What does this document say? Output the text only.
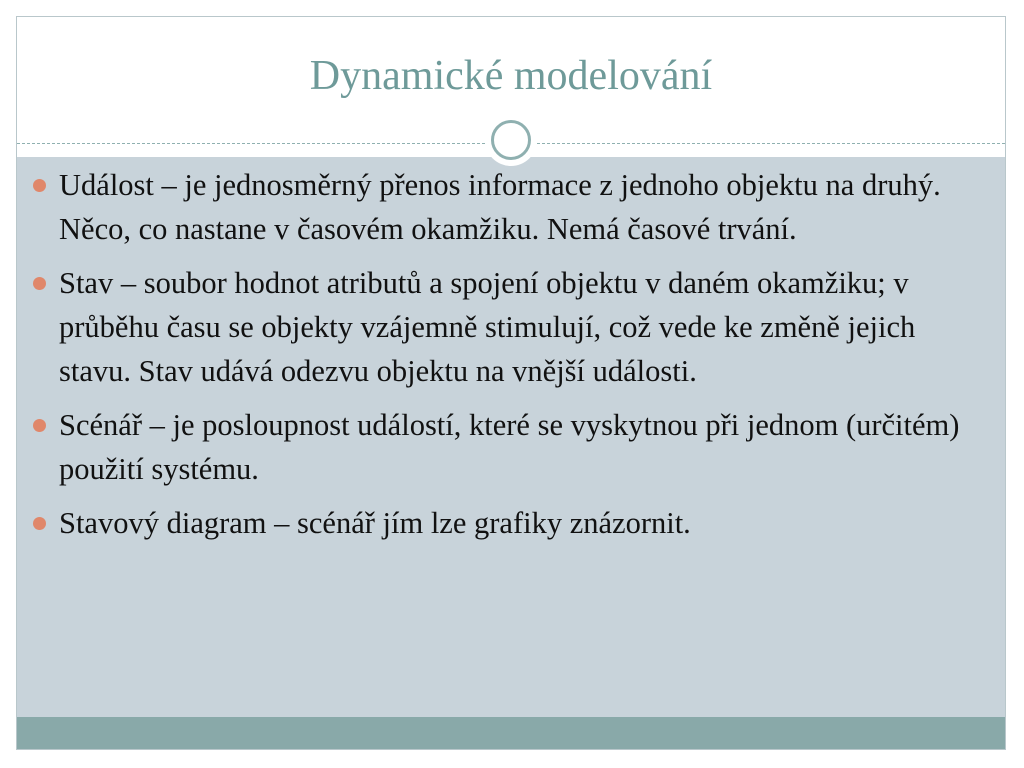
Dynamické modelování
Událost – je jednosměrný přenos informace z jednoho objektu na druhý. Něco, co nastane v časovém okamžiku. Nemá časové trvání.
Stav – soubor hodnot atributů a spojení objektu v daném okamžiku; v průběhu času se objekty vzájemně stimulují, což vede ke změně jejich stavu. Stav udává odezvu objektu na vnější události.
Scénář – je posloupnost událostí, které se vyskytnou při jednom (určitém) použití systému.
Stavový diagram – scénář jím lze grafiky znázornit.
